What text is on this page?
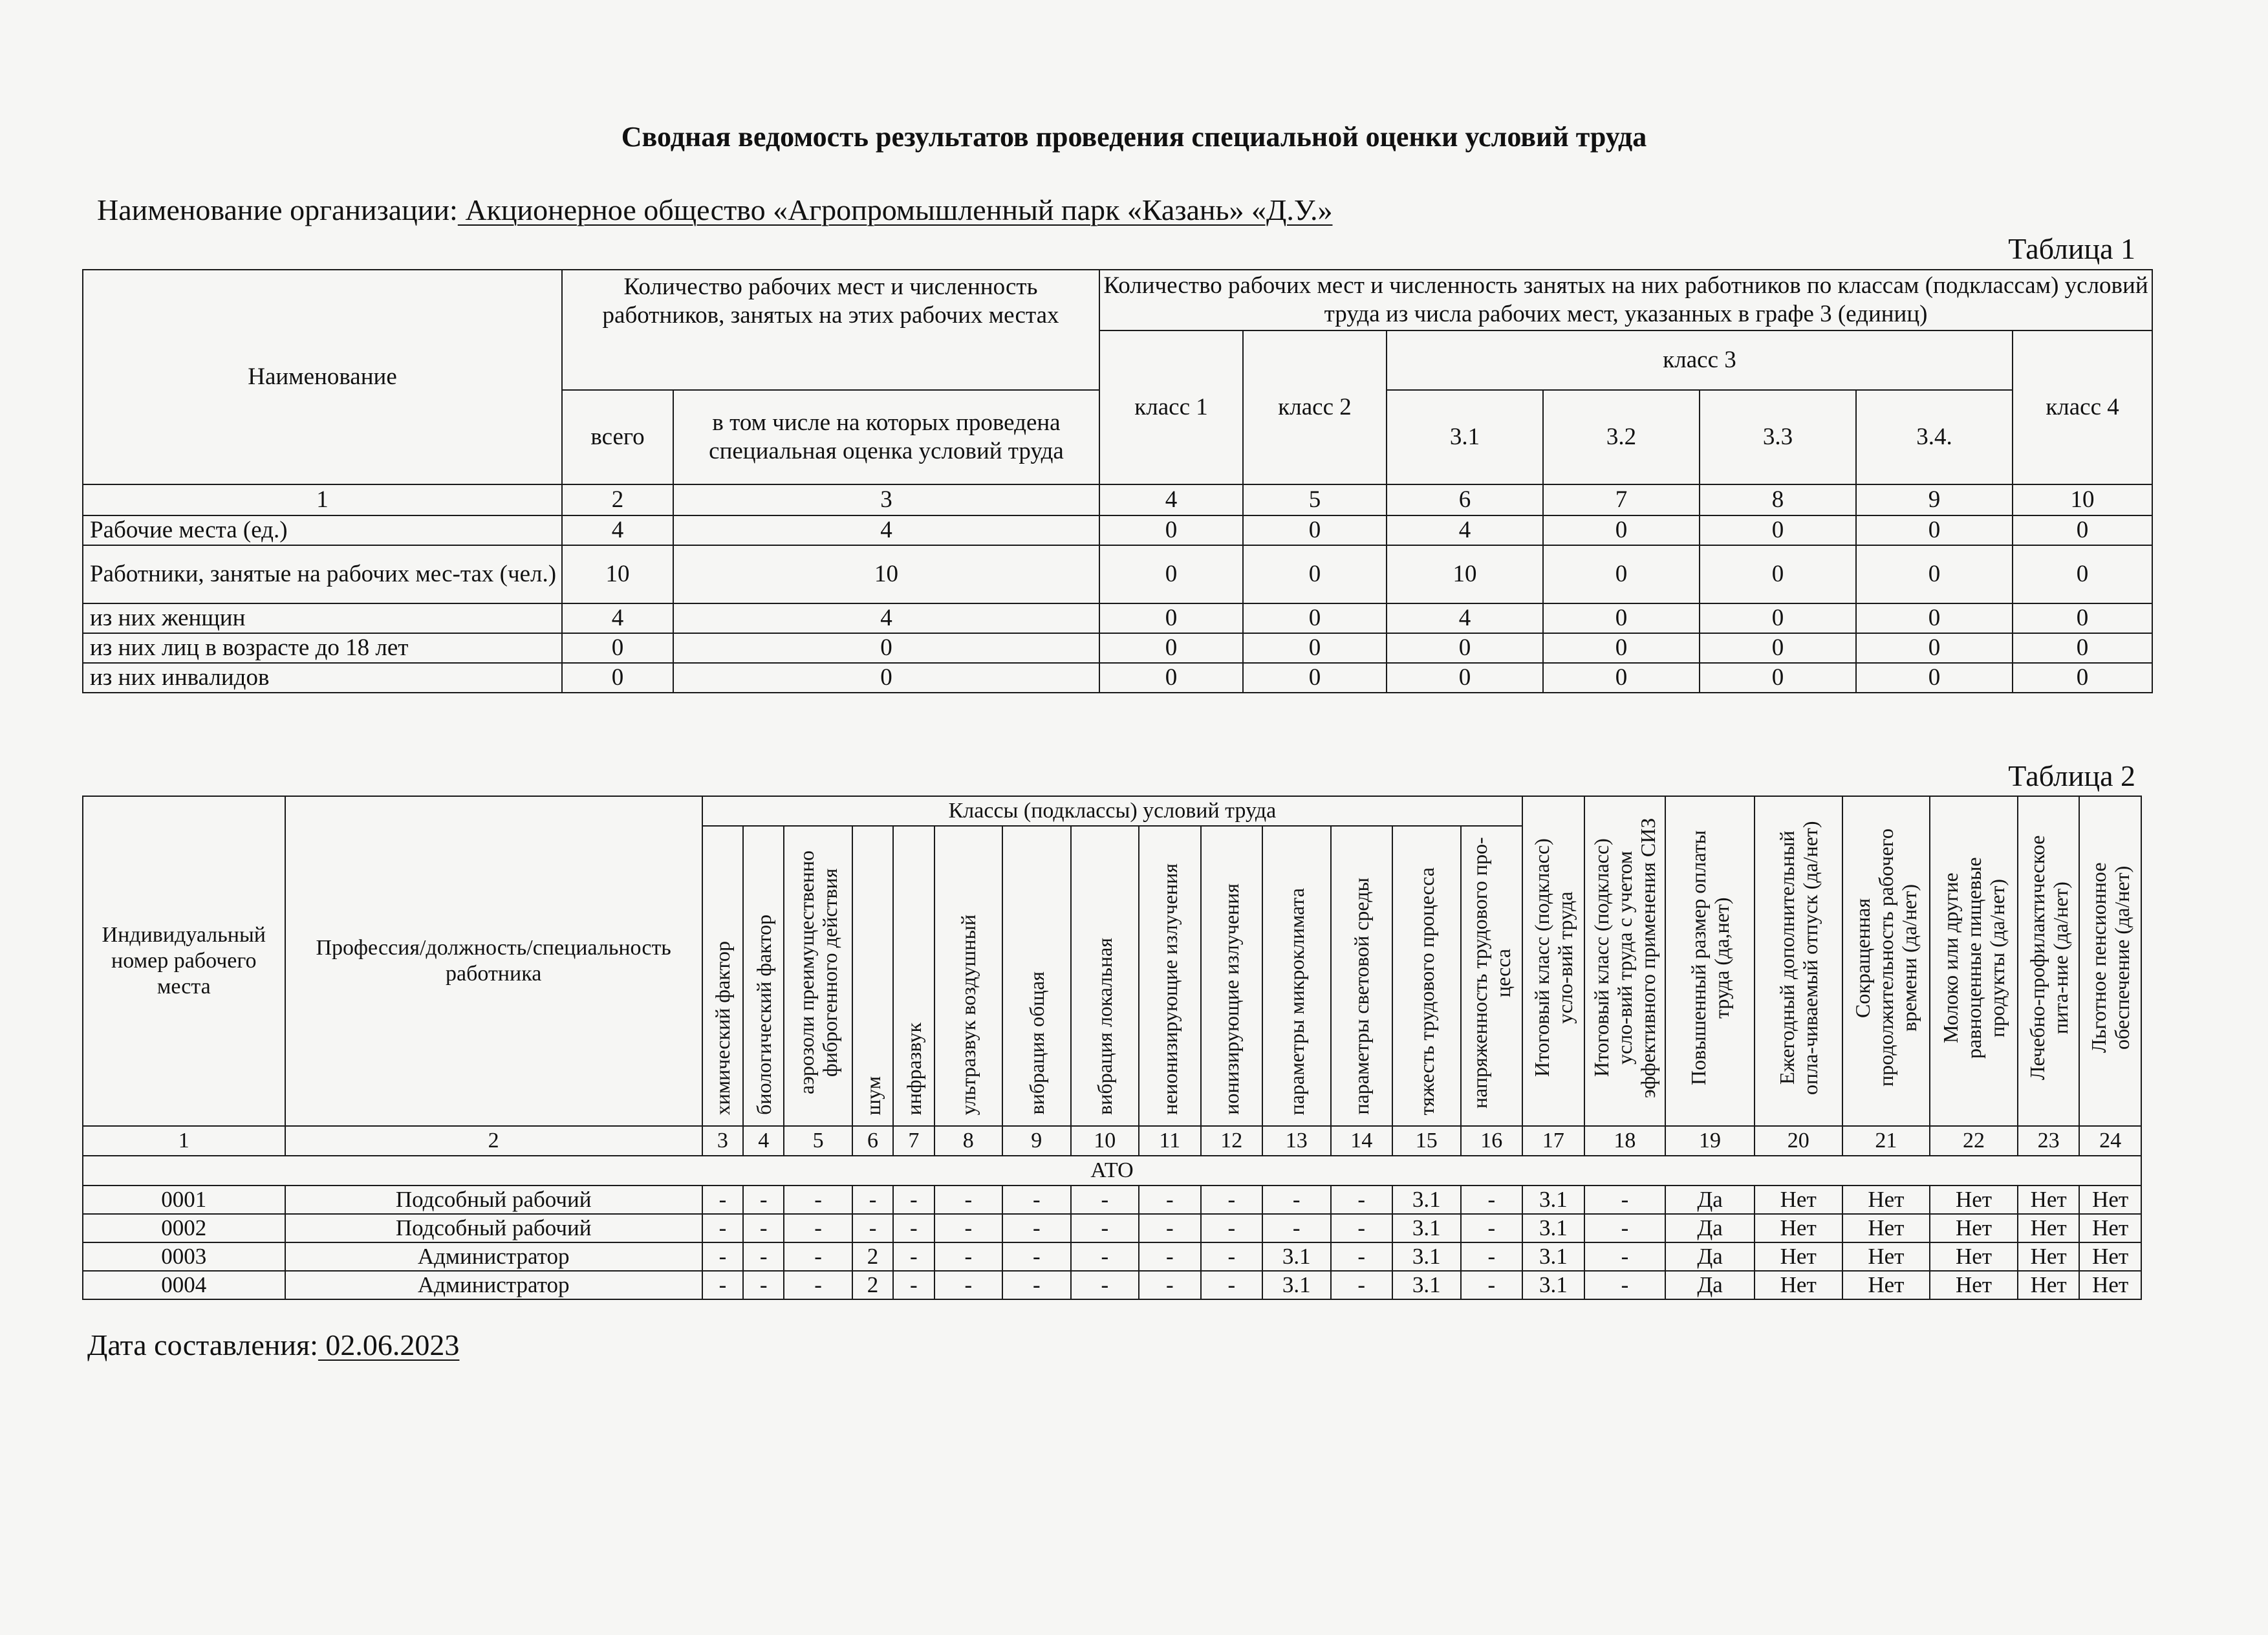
Сводная ведомость результатов проведения специальной оценки условий труда
Наименование организации: Акционерное общество «Агропромышленный парк «Казань» «Д.У.»
Таблица 1
Наименование	Количество рабочих мест и численность работников, занятых на этих рабочих местах		Количество рабочих мест и численность занятых на них работников по классам (подклассам) условий труда из числа рабочих мест, указанных в графе 3 (единиц)						
			класс 1	класс 2	класс 3				класс 4
	всего	в том числе на которых проведена специальная оценка условий труда			3.1	3.2	3.3	3.4.	
1	2	3	4	5	6	7	8	9	10
Рабочие места (ед.)	4	4	0	0	4	0	0	0	0
Работники, занятые на рабочих мес-тах (чел.)	10	10	0	0	10	0	0	0	0
из них женщин	4	4	0	0	4	0	0	0	0
из них лиц в возрасте до 18 лет	0	0	0	0	0	0	0	0	0
из них инвалидов	0	0	0	0	0	0	0	0	0
Таблица 2
Индивидуальный номер рабочего места	Профессия/должность/специальность работника	Классы (подклассы) условий труда														Итоговый класс (подкласс) усло-вий труда	Итоговый класс (подкласс) усло-вий труда с учетом эффективного применения СИЗ	Повышенный размер оплаты труда (да,нет)	Ежегодный дополнительный опла-чиваемый отпуск (да/нет)	Сокращенная продолжительность рабочего времени (да/нет)	Молоко или другие равноценные пищевые продукты (да/нет)	Лечебно-профилактическое пита-ние (да/нет)	Льготное пенсионное обеспечение (да/нет)
		химический фактор	биологический фактор	аэрозоли преимущественно фиброгенного действия	шум	инфразвук	ультразвук воздушный	вибрация общая	вибрация локальная	неионизирующие излучения	ионизирующие излучения	параметры микроклимата	параметры световой среды	тяжесть трудового процесса	напряженность трудового про-цесса								
1	2	3	4	5	6	7	8	9	10	11	12	13	14	15	16	17	18	19	20	21	22	23	24
АТО																							
0001	Подсобный рабочий	-	-	-	-	-	-	-	-	-	-	-	-	3.1	-	3.1	-	Да	Нет	Нет	Нет	Нет	Нет
0002	Подсобный рабочий	-	-	-	-	-	-	-	-	-	-	-	-	3.1	-	3.1	-	Да	Нет	Нет	Нет	Нет	Нет
0003	Администратор	-	-	-	2	-	-	-	-	-	-	3.1	-	3.1	-	3.1	-	Да	Нет	Нет	Нет	Нет	Нет
0004	Администратор	-	-	-	2	-	-	-	-	-	-	3.1	-	3.1	-	3.1	-	Да	Нет	Нет	Нет	Нет	Нет
Дата составления: 02.06.2023
